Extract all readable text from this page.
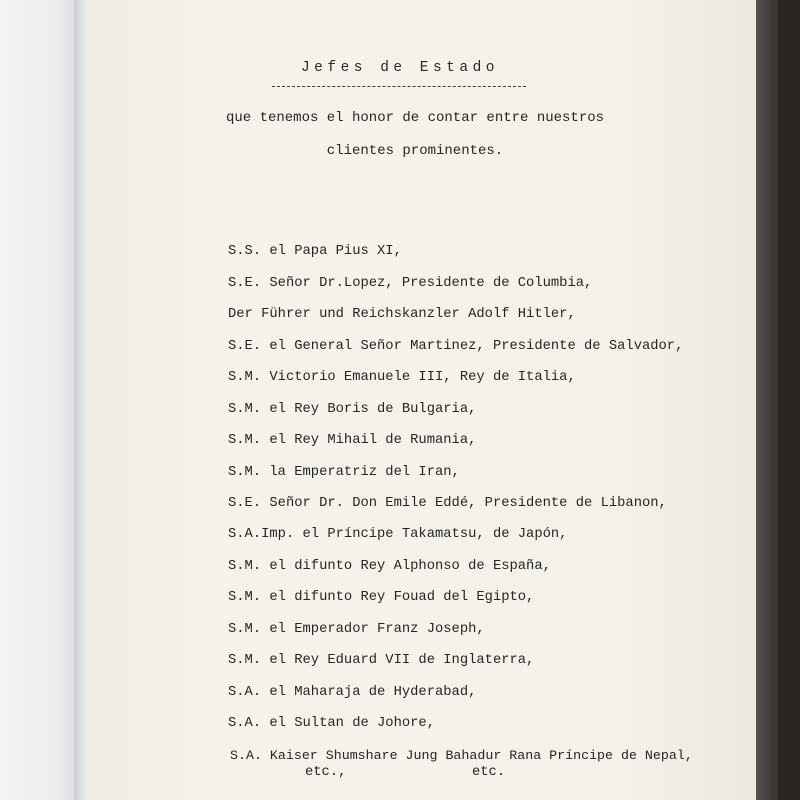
Jefes de Estado
que tenemos el honor de contar entre nuestros
clientes prominentes.
S.S. el Papa Pius XI,
S.E. Señor Dr.Lopez, Presidente de Columbia,
Der Führer und Reichskanzler Adolf Hitler,
S.E. el General Señor Martinez, Presidente de Salvador,
S.M. Victorio Emanuele III, Rey de Italia,
S.M. el Rey Boris de Bulgaria,
S.M. el Rey Mihail de Rumania,
S.M. la Emperatriz del Iran,
S.E. Señor Dr. Don Emile Eddé, Presidente de Libanon,
S.A.Imp. el Príncipe Takamatsu, de Japón,
S.M. el difunto Rey Alphonso de España,
S.M. el difunto Rey Fouad del Egipto,
S.M. el Emperador Franz Joseph,
S.M. el Rey Eduard VII de Inglaterra,
S.A. el Maharaja de Hyderabad,
S.A. el Sultan de Johore,
S.A. Kaiser Shumshare Jung Bahadur Rana Príncipe de Nepal,
etc.,	etc.
